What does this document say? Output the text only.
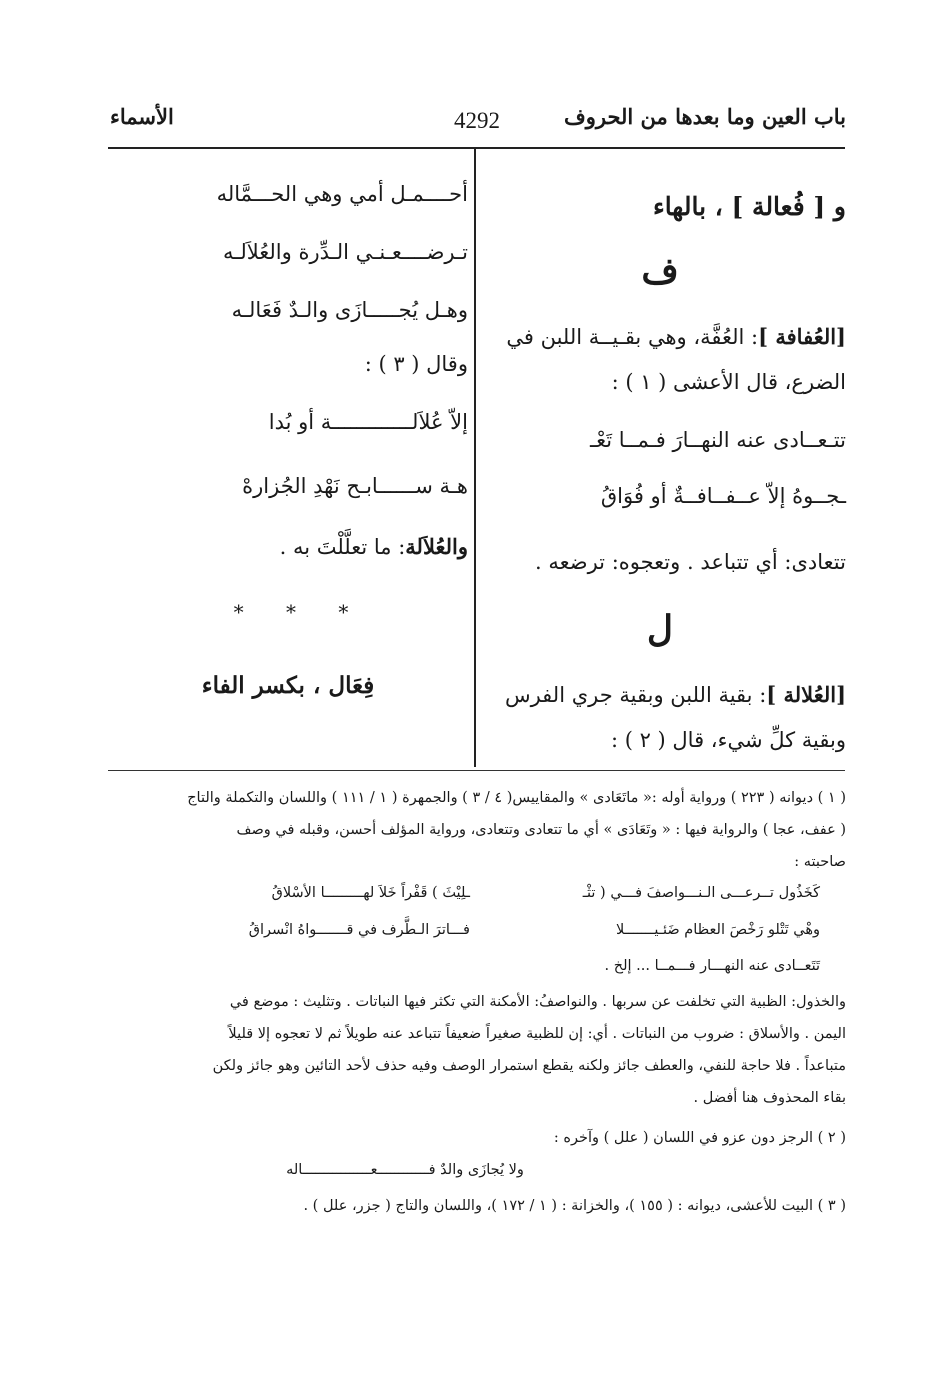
الأسماء	4292	باب العين وما بعدها من الحروف
و [ فُعالة ] ، بالهاء
ف
[العُفافة ]: العُفَّة، وهي بقـيــة اللبن في
الضرع، قال الأعشى ( ١ ) :
تتـعــادى عنه النهــارَ فـمــا تَعْـ
ـجــوهُ إلاّ عــفــافــةٌ أو فُوَاقُ
تتعادى: أي تتباعد . وتعجوه: ترضعه .
ل
[العُلالة ]: بقية اللبن وبقية جري الفرس
وبقية كلِّ شيء، قال ( ٢ ) :
أحــــمـل أمي وهي الحـــمَّاله
تـرضــــعـنـي الـدِّرة والعُلاَلـه
وهـل يُجـــــازَى والـدٌ فَعَالـه
وقال ( ٣ ) :
إلاّ عُلاَلـــــــــــــة أو بُدا
هـة ســــــابـح نَهْدِ الجُزارهْ
والعُلاَلة: ما تعلَّلْتَ به .
* * *
فِعَال ، بكسر الفاء
( ١ ) ديوانه ( ٢٢٣ ) ورواية أوله :« ماتَعَادى » والمقاييس( ٤ / ٣ ) والجمهرة ( ١ / ١١١ ) واللسان والتكملة والتاج
( عفف، عجا ) والرواية فيها : « وتَعَادَى » أي ما تتعادى وتتعادى، ورواية المؤلف أحسن، وقبله في وصف
صاحبته :
كَخَذُول تــرعـــى الـنـــواصفَ فـــي ( تثْـ
ـلِيْثَ ) قَفْراً خَلاَ لهـــــــــا الأسْلاقُ
وهْي تَتْلو رَخْصَ العظام ضَئـيـــــــلا
فـــاترَ الـطَّرف في قـــــــواهُ انْسراقُ
تَتَعــادى عنه النهـــار فـــمــا ... إلخ .
والخذول: الظبية التي تخلفت عن سربها . والنواصفُ: الأمكنة التي تكثر فيها النباتات . وتثليث : موضع في
اليمن . والأسلاق : ضروب من النباتات . أي: إن للظبية صغيراً ضعيفاً تتباعد عنه طويلاً ثم لا تعجوه إلا قليلاً
متباعداً . فلا حاجة للنفي، والعطف جائز ولكنه يقطع استمرار الوصف وفيه حذف لأحد التائين وهو جائز ولكن
بقاء المحذوف هنا أفضل .
( ٢ ) الرجز دون عزو في اللسان ( علل ) وآخره :
ولا يُجازَى والدٌ فــــــــــــعــــــــــــــــاله
( ٣ ) البيت للأعشى، ديوانه : ( ١٥٥ )، والخزانة : ( ١ / ١٧٢ )، واللسان والتاج ( جزر، علل ) .
